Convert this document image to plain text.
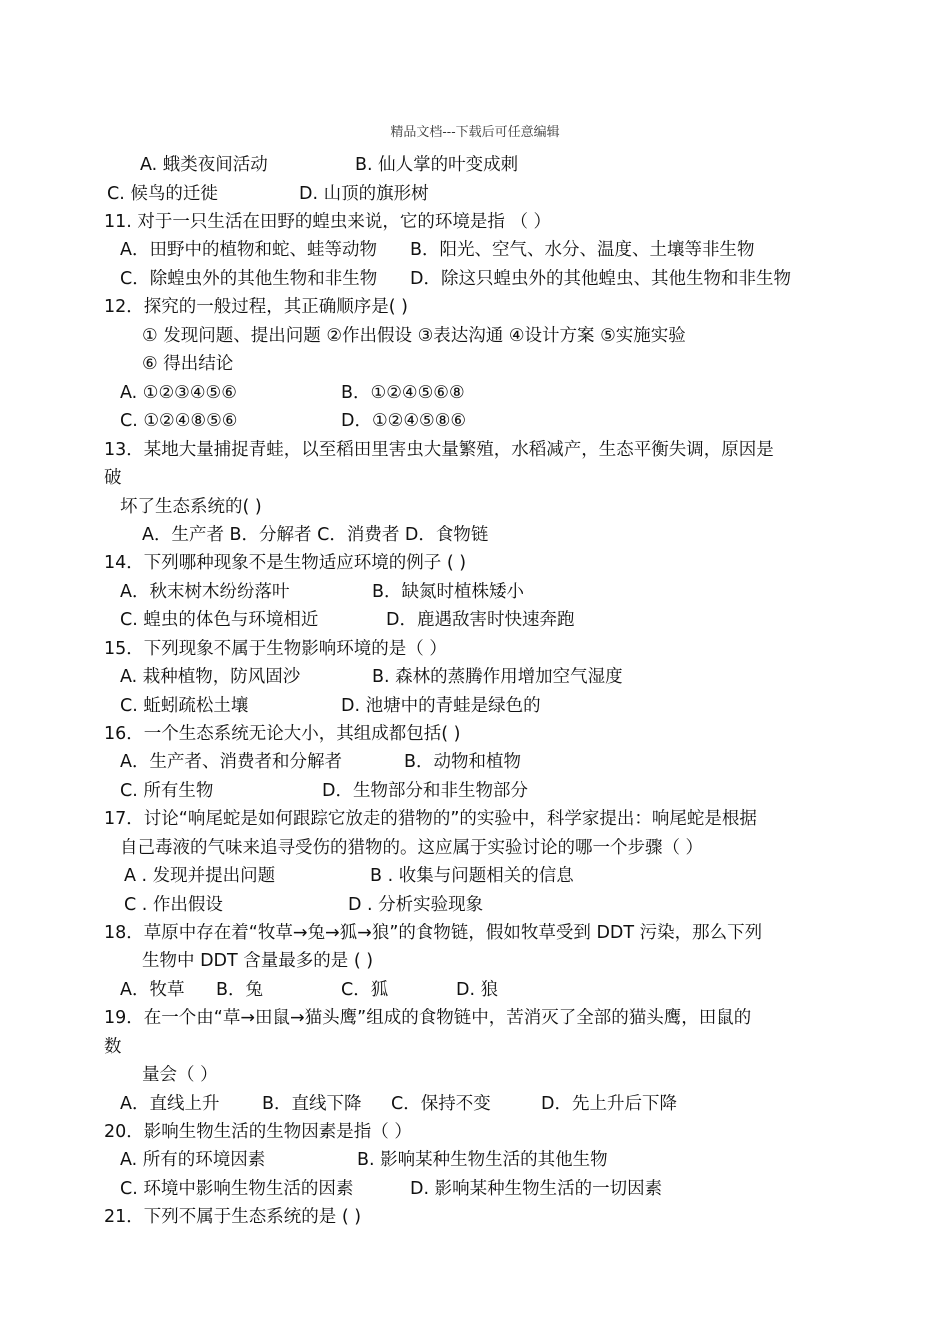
精品文档---下载后可任意编辑
A. 蛾类夜间活动	B. 仙人掌的叶变成刺
C. 候鸟的迁徙	D. 山顶的旗形树
11. 对于一只生活在田野的蝗虫来说，它的环境是指 （ ）
A．田野中的植物和蛇、蛙等动物 B．阳光、空气、水分、温度、土壤等非生物
C．除蝗虫外的其他生物和非生物 D．除这只蝗虫外的其他蝗虫、其他生物和非生物
12．探究的一般过程，其正确顺序是( )
① 发现问题、提出问题 ②作出假设 ③表达沟通 ④设计方案 ⑤实施实验
⑥ 得出结论
A. ①②③④⑤⑥	B．①②④⑤⑥⑧
C. ①②④⑧⑤⑥	D．①②④⑤⑧⑥
13．某地大量捕捉青蛙，以至稻田里害虫大量繁殖，水稻减产，生态平衡失调，原因是
破
坏了生态系统的( )
A．生产者 B．分解者 C．消费者 D．食物链
14．下列哪种现象不是生物适应环境的例子 ( )
A．秋末树木纷纷落叶	B．缺氮时植株矮小
C. 蝗虫的体色与环境相近	D．鹿遇敌害时快速奔跑
15．下列现象不属于生物影响环境的是（ ）
A. 栽种植物，防风固沙	B. 森林的蒸腾作用增加空气湿度
C. 蚯蚓疏松土壤	D. 池塘中的青蛙是绿色的
16．一个生态系统无论大小，其组成都包括( )
A．生产者、消费者和分解者	B．动物和植物
C. 所有生物	D．生物部分和非生物部分
17．讨论“响尾蛇是如何跟踪它放走的猎物的”的实验中，科学家提出：响尾蛇是根据
自己毒液的气味来追寻受伤的猎物的。这应属于实验讨论的哪一个步骤（ ）
A . 发现并提出问题	B . 收集与问题相关的信息
C . 作出假设	D . 分析实验现象
18．草原中存在着“牧草→兔→狐→狼”的食物链，假如牧草受到 DDT 污染，那么下列
生物中 DDT 含量最多的是 ( )
A．牧草 B．兔	C．狐	D. 狼
19．在一个由“草→田鼠→猫头鹰”组成的食物链中，苦消灭了全部的猫头鹰，田鼠的
数
量会（ ）
A．直线上升 B．直线下降 C．保持不变	D．先上升后下降
20．影响生物生活的生物因素是指（ ）
A. 所有的环境因素	B. 影响某种生物生活的其他生物
C. 环境中影响生物生活的因素	D. 影响某种生物生活的一切因素
21．下列不属于生态系统的是 ( )
